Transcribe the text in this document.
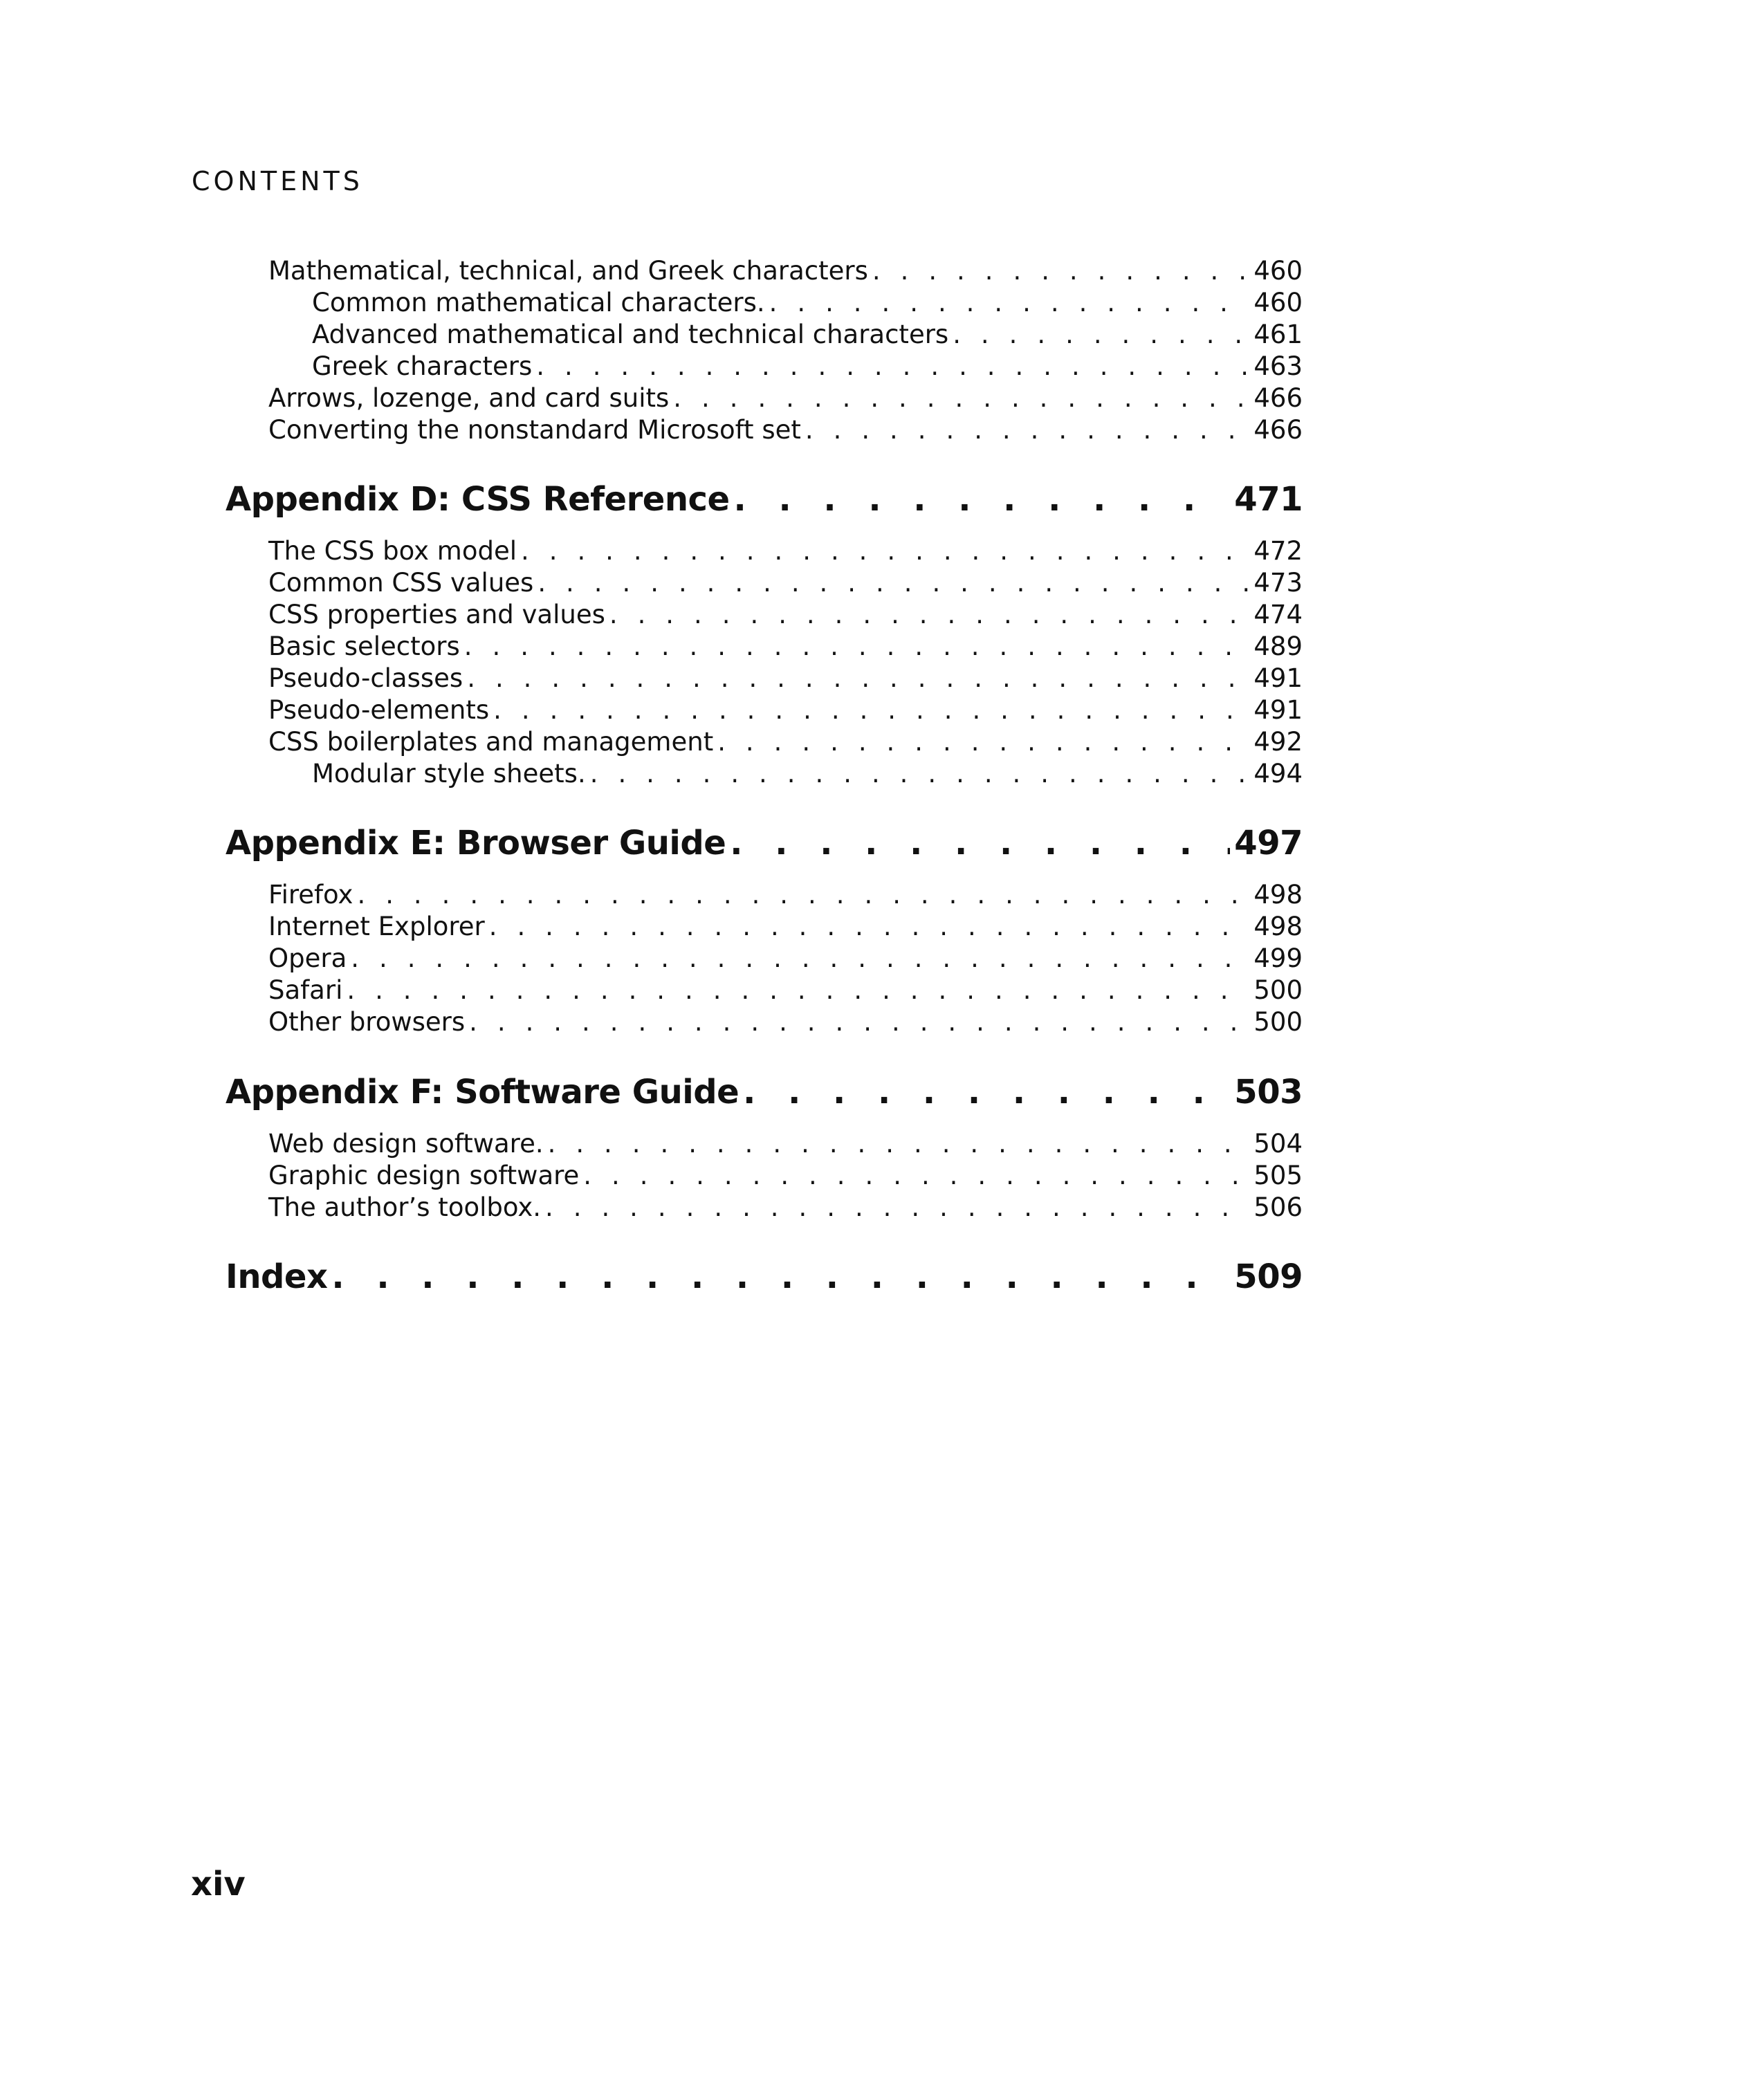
CONTENTS
Mathematical, technical, and Greek characters . . .	460
Common mathematical characters. . . .	460
Advanced mathematical and technical characters . . .	461
Greek characters . . .	463
Arrows, lozenge, and card suits . . .	466
Converting the nonstandard Microsoft set . . .	466
Appendix D: CSS Reference . . .	471
The CSS box model . . .	472
Common CSS values . . .	473
CSS properties and values . . .	474
Basic selectors . . .	489
Pseudo-classes . . .	491
Pseudo-elements . . .	491
CSS boilerplates and management . . .	492
Modular style sheets. . . .	494
Appendix E: Browser Guide . . .	497
Firefox . . .	498
Internet Explorer . . .	498
Opera . . .	499
Safari . . .	500
Other browsers . . .	500
Appendix F: Software Guide . . .	503
Web design software. . . .	504
Graphic design software . . .	505
The author’s toolbox. . . .	506
Index . . .	509
xiv
